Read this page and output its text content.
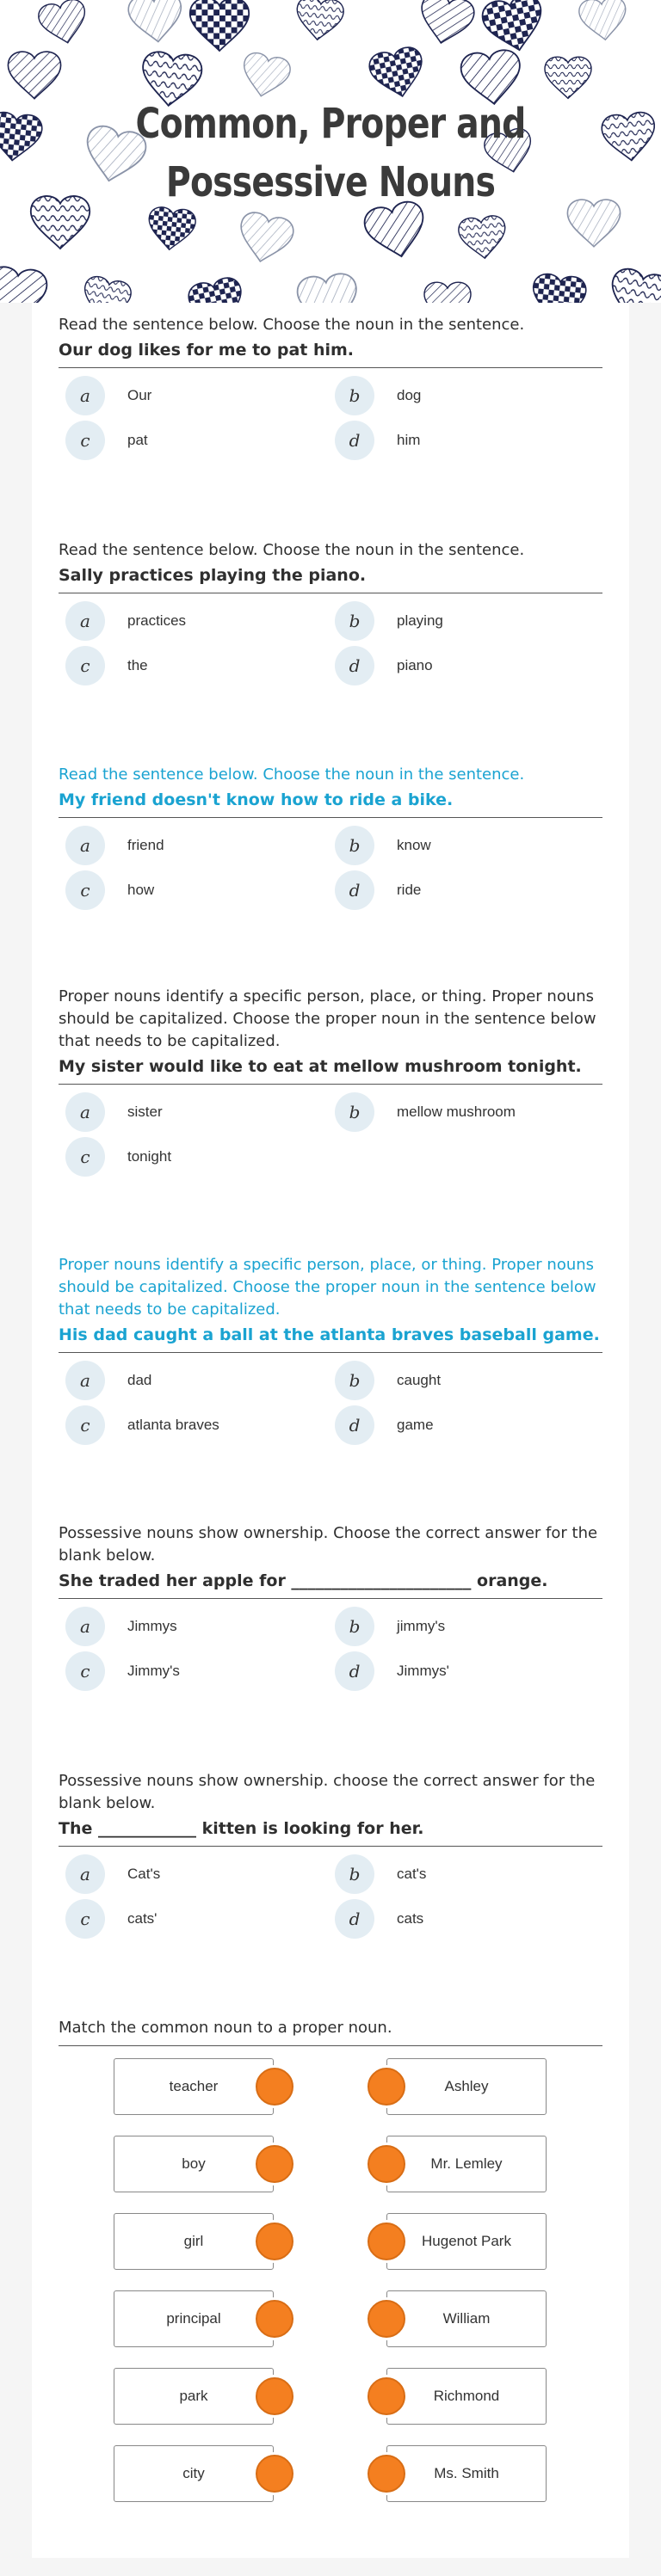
Common, Proper and
Possessive Nouns
Read the sentence below. Choose the noun in the sentence.
Our dog likes for me to pat him.
a	Our	b	dog
c	pat	d	him
Read the sentence below. Choose the noun in the sentence.
Sally practices playing the piano.
a	practices	b	playing
c	the	d	piano
Read the sentence below. Choose the noun in the sentence.
My friend doesn't know how to ride a bike.
a	friend	b	know
c	how	d	ride
Proper nouns identify a specific person, place, or thing. Proper nouns should be capitalized. Choose the proper noun in the sentence below that needs to be capitalized.
My sister would like to eat at mellow mushroom tonight.
a	sister	b	mellow mushroom
c	tonight
Proper nouns identify a specific person, place, or thing. Proper nouns should be capitalized. Choose the proper noun in the sentence below that needs to be capitalized.
His dad caught a ball at the atlanta braves baseball game.
a	dad	b	caught
c	atlanta braves	d	game
Possessive nouns show ownership. Choose the correct answer for the blank below.
She traded her apple for ______________________ orange.
a	Jimmys	b	jimmy's
c	Jimmy's	d	Jimmys'
Possessive nouns show ownership. choose the correct answer for the blank below.
The ____________ kitten is looking for her.
a	Cat's	b	cat's
c	cats'	d	cats
Match the common noun to a proper noun.
teacher	Ashley
boy	Mr. Lemley
girl	Hugenot Park
principal	William
park	Richmond
city	Ms. Smith
